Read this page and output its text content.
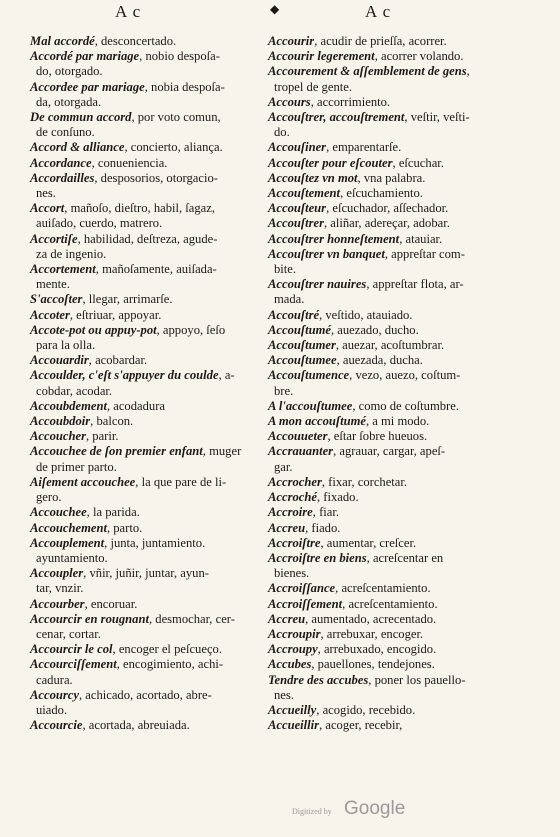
A c	◆	A c

Mal accordé, desconcertado.

Accordé par mariage, nobio despoſa-
do, otorgado.

Accordee par mariage, nobia despoſa-
da, otorgada.

De commun accord, por voto comun,
de conſuno.

Accord & alliance, concierto, aliança.

Accordance, conueniencia.

Accordailles, desposorios, otorgacio-
nes.

Accort, mañoſo, dieſtro, habil, ſagaz,
auiſado, cuerdo, matrero.

Accortiſe, habilidad, deſtreza, agude-
za de ingenio.

Accortement, mañoſamente, auiſada-
mente.

S'accoſter, llegar, arrimarſe.

Accoter, eſtriuar, appoyar.

Accote-pot ou appuy-pot, appoyo, ſeſo
para la olla.

Accouardir, acobardar.

Accoulder, c'eſt s'appuyer du coulde, a-
cobdar, acodar.

Accoubdement, acodadura

Accoubdoir, balcon.

Accoucher, parir.

Accouchee de ſon premier enfant, muger
de primer parto.

Aiſement accouchee, la que pare de li-
gero.

Accouchee, la parida.

Accouchement, parto.

Accouplement, junta, juntamiento.
ayuntamiento.

Accoupler, vñir, juñir, juntar, ayun-
tar, vnzir.

Accourber, encoruar.

Accourcir en rougnant, desmochar, cer-
cenar, cortar.

Accourcir le col, encoger el peſcueço.

Accourciſſement, encogimiento, achi-
cadura.

Accourcy, achicado, acortado, abre-
uiado.

Accourcie, acortada, abreuiada.

Accourir, acudir de prieſſa, acorrer.

Accourir legerement, acorrer volando.

Accourement & aſſemblement de gens,
tropel de gente.

Accours, accorrimiento.

Accouſtrer, accouſtrement, veſtir, veſti-
do.

Accouſiner, emparentarſe.

Accouſter pour eſcouter, eſcuchar.

Accouſtez vn mot, vna palabra.

Accouſtement, eſcuchamiento.

Accouſteur, eſcuchador, aſſechador.

Accouſtrer, aliñar, adereçar, adobar.

Accouſtrer honneſtement, atauiar.

Accouſtrer vn banquet, appreſtar com-
bite.

Accouſtrer nauires, appreſtar flota, ar-
mada.

Accouſtré, veſtido, atauiado.

Accouſtumé, auezado, ducho.

Accouſtumer, auezar, acoſtumbrar.

Accouſtumee, auezada, ducha.

Accouſtumence, vezo, auezo, coſtum-
bre.

A l'accouſtumee, como de coſtumbre.

A mon accouſtumé, a mi modo.

Accouueter, eſtar ſobre hueuos.

Accrauanter, agrauar, cargar, apeſ-
gar.

Accrocher, fixar, corchetar.

Accroché, fixado.

Accroire, fiar.

Accreu, fiado.

Accroiſtre, aumentar, creſcer.

Accroiſtre en biens, acreſcentar en
bienes.

Accroiſſance, acreſcentamiento.

Accroiſſement, acreſcentamiento.

Accreu, aumentado, acrecentado.

Accroupir, arrebuxar, encoger.

Accroupy, arrebuxado, encogido.

Accubes, pauellones, tendejones.

Tendre des accubes, poner los pauello-
nes.

Accueilly, acogido, recebido.

Accueillir, acoger, recebir,

Digitized by Google
